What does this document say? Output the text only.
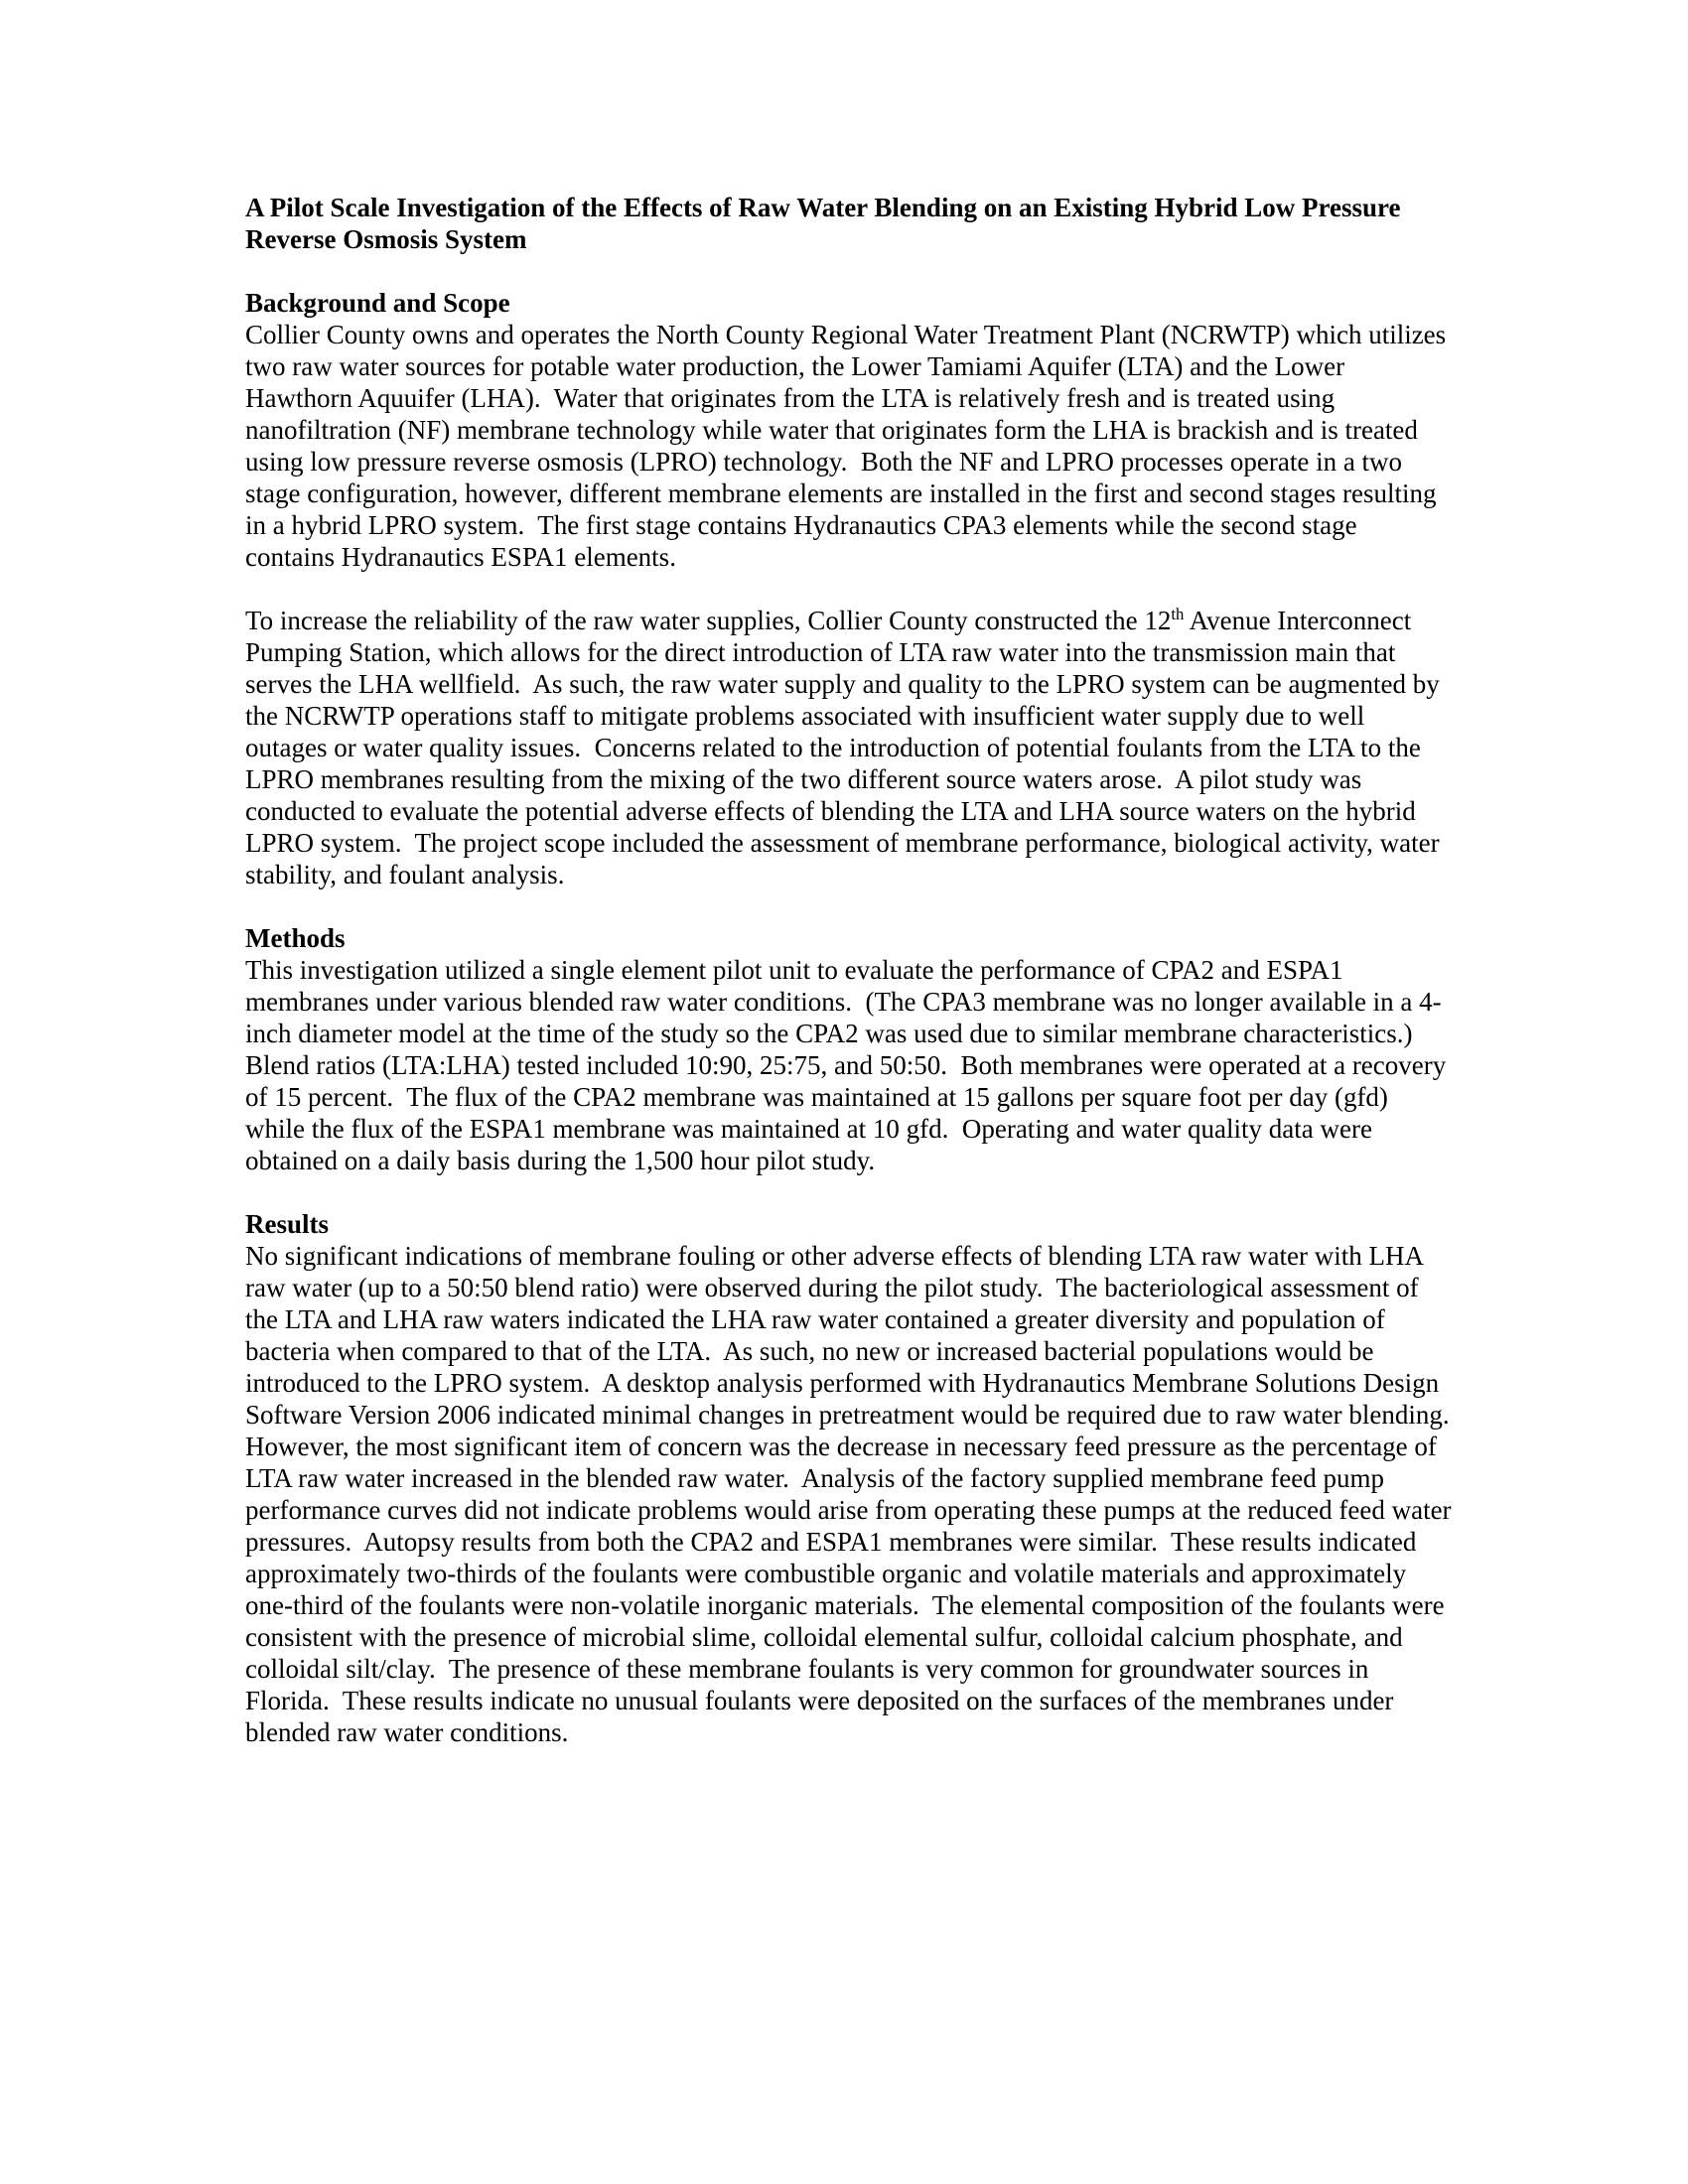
A Pilot Scale Investigation of the Effects of Raw Water Blending on an Existing Hybrid Low Pressure Reverse Osmosis System

Background and Scope

Collier County owns and operates the North County Regional Water Treatment Plant (NCRWTP) which utilizes two raw water sources for potable water production, the Lower Tamiami Aquifer (LTA) and the Lower Hawthorn Aquuifer (LHA).  Water that originates from the LTA is relatively fresh and is treated using nanofiltration (NF) membrane technology while water that originates form the LHA is brackish and is treated using low pressure reverse osmosis (LPRO) technology.  Both the NF and LPRO processes operate in a two stage configuration, however, different membrane elements are installed in the first and second stages resulting in a hybrid LPRO system.  The first stage contains Hydranautics CPA3 elements while the second stage contains Hydranautics ESPA1 elements.

To increase the reliability of the raw water supplies, Collier County constructed the 12th Avenue Interconnect Pumping Station, which allows for the direct introduction of LTA raw water into the transmission main that serves the LHA wellfield.  As such, the raw water supply and quality to the LPRO system can be augmented by the NCRWTP operations staff to mitigate problems associated with insufficient water supply due to well outages or water quality issues.  Concerns related to the introduction of potential foulants from the LTA to the LPRO membranes resulting from the mixing of the two different source waters arose.  A pilot study was conducted to evaluate the potential adverse effects of blending the LTA and LHA source waters on the hybrid LPRO system.  The project scope included the assessment of membrane performance, biological activity, water stability, and foulant analysis.

Methods

This investigation utilized a single element pilot unit to evaluate the performance of CPA2 and ESPA1 membranes under various blended raw water conditions.  (The CPA3 membrane was no longer available in a 4-inch diameter model at the time of the study so the CPA2 was used due to similar membrane characteristics.)  Blend ratios (LTA:LHA) tested included 10:90, 25:75, and 50:50.  Both membranes were operated at a recovery of 15 percent.  The flux of the CPA2 membrane was maintained at 15 gallons per square foot per day (gfd) while the flux of the ESPA1 membrane was maintained at 10 gfd.  Operating and water quality data were obtained on a daily basis during the 1,500 hour pilot study.

Results

No significant indications of membrane fouling or other adverse effects of blending LTA raw water with LHA raw water (up to a 50:50 blend ratio) were observed during the pilot study.  The bacteriological assessment of the LTA and LHA raw waters indicated the LHA raw water contained a greater diversity and population of bacteria when compared to that of the LTA.  As such, no new or increased bacterial populations would be introduced to the LPRO system.  A desktop analysis performed with Hydranautics Membrane Solutions Design Software Version 2006 indicated minimal changes in pretreatment would be required due to raw water blending.  However, the most significant item of concern was the decrease in necessary feed pressure as the percentage of LTA raw water increased in the blended raw water.  Analysis of the factory supplied membrane feed pump performance curves did not indicate problems would arise from operating these pumps at the reduced feed water pressures.  Autopsy results from both the CPA2 and ESPA1 membranes were similar.  These results indicated approximately two-thirds of the foulants were combustible organic and volatile materials and approximately one-third of the foulants were non-volatile inorganic materials.  The elemental composition of the foulants were consistent with the presence of microbial slime, colloidal elemental sulfur, colloidal calcium phosphate, and colloidal silt/clay.  The presence of these membrane foulants is very common for groundwater sources in Florida.  These results indicate no unusual foulants were deposited on the surfaces of the membranes under blended raw water conditions.
